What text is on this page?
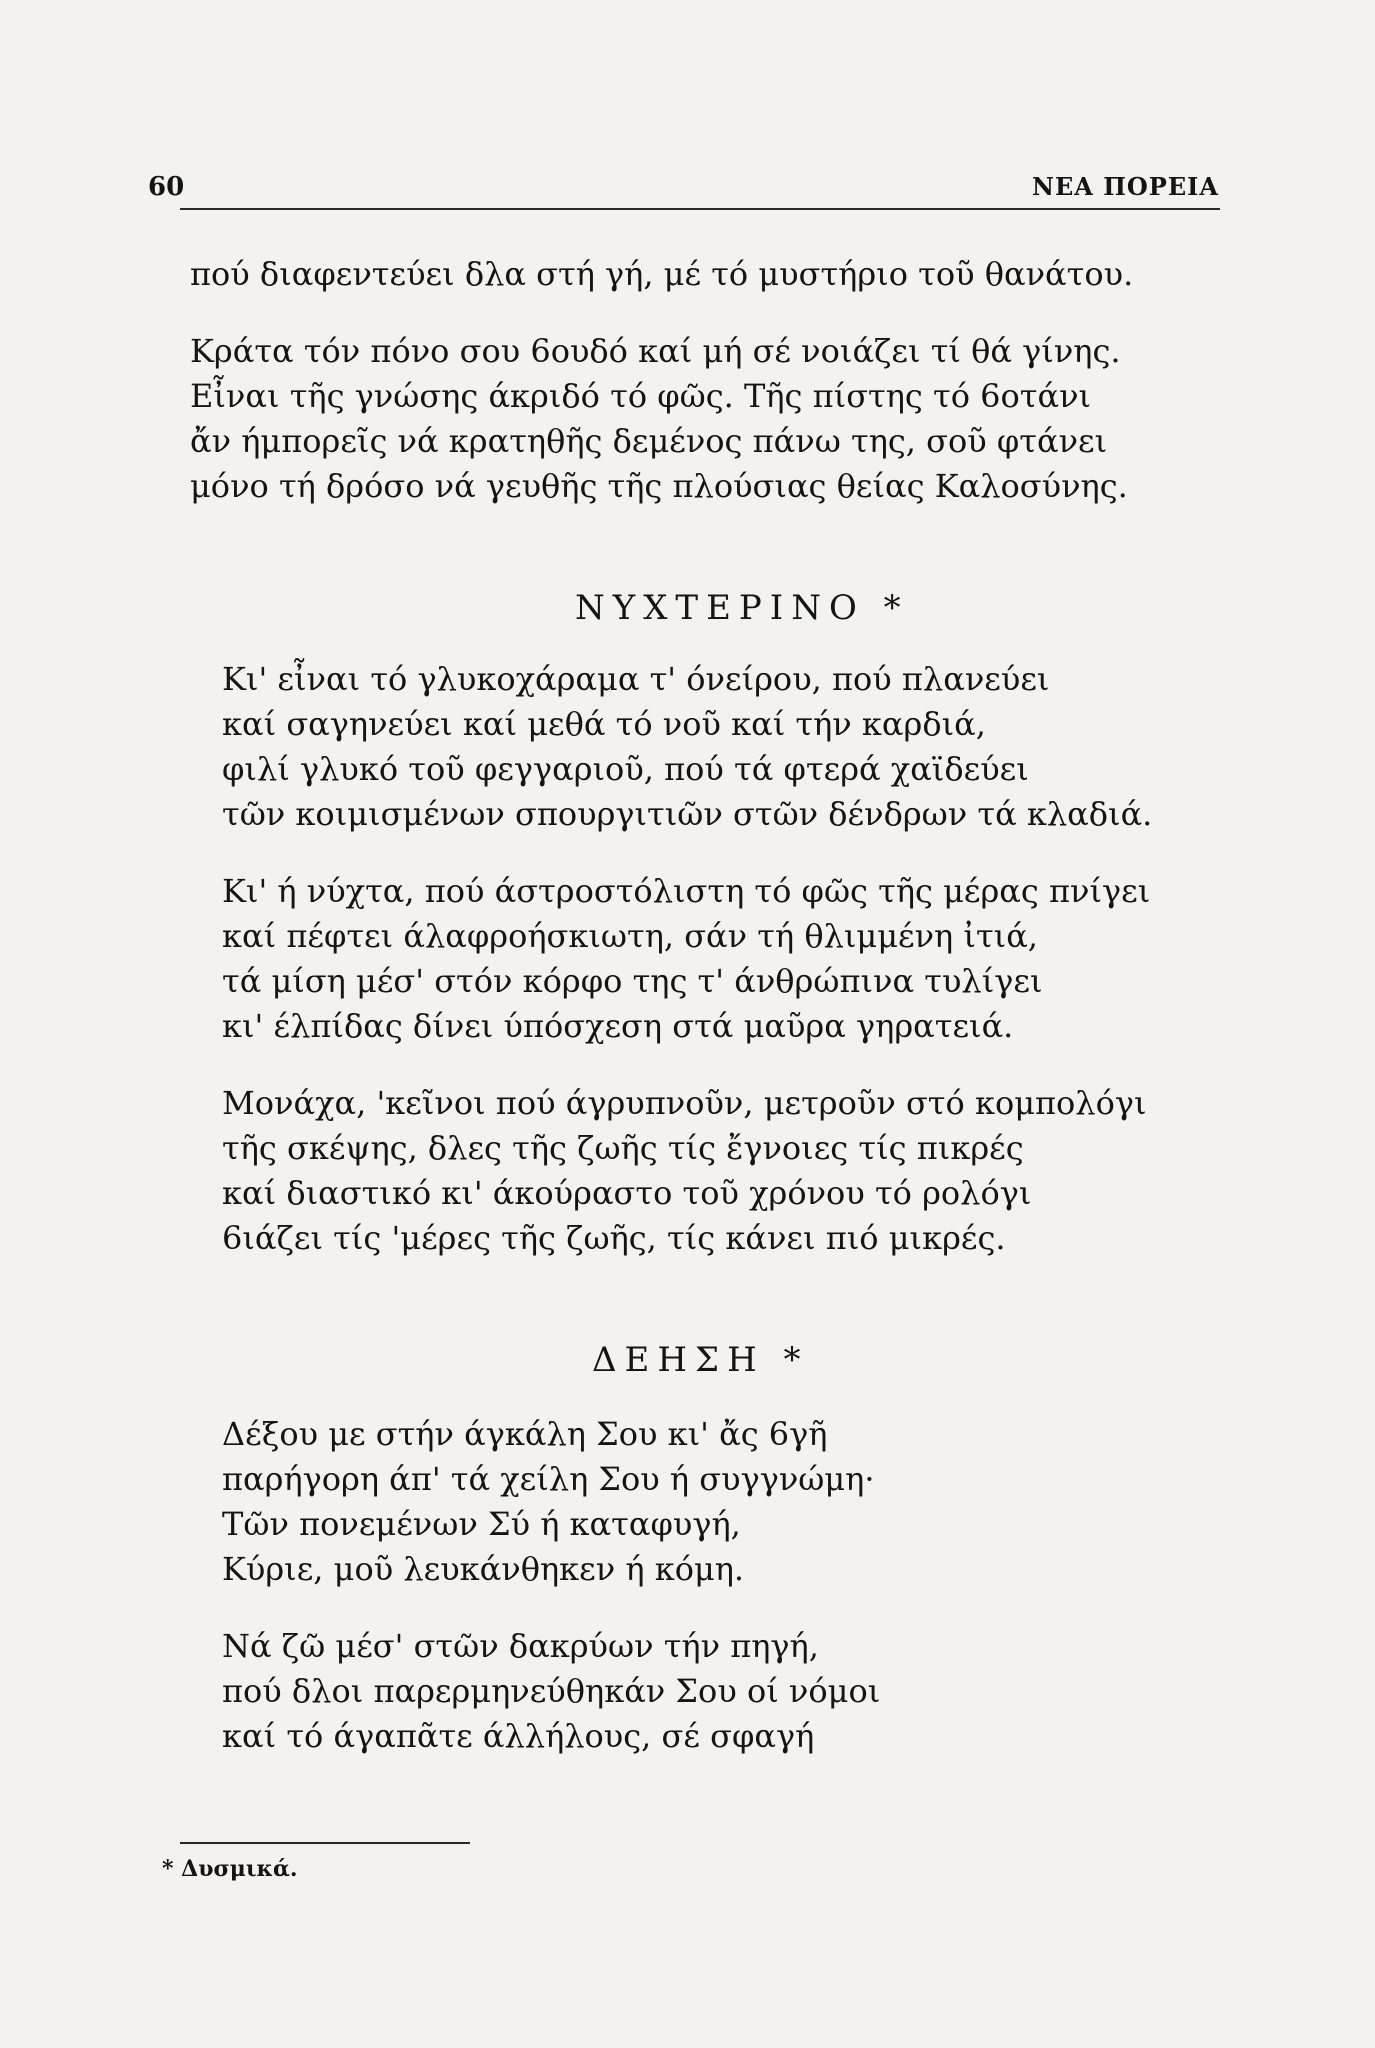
60	ΝΕΑ ΠΟΡΕΙΑ
πού διαφεντεύει δλα στή γή, μέ τό μυστήριο τοῦ θανάτου.
Κράτα τόν πόνο σου 6ουδό καί μή σέ νοιάζει τί θά γίνης.
Εἶναι τῆς γνώσης άκριδό τό φῶς. Τῆς πίστης τό 6οτάνι
ἄν ήμπορεῖς νά κρατηθῆς δεμένος πάνω της, σοῦ φτάνει
μόνο τή δρόσο νά γευθῆς τῆς πλούσιας θείας Καλοσύνης.
ΝΥΧΤΕΡΙΝΟ *
Κι' εἶναι τό γλυκοχάραμα τ' όνείρου, πού πλανεύει
καί σαγηνεύει καί μεθά τό νοῦ καί τήν καρδιά,
φιλί γλυκό τοῦ φεγγαριοῦ, πού τά φτερά χαϊδεύει
τῶν κοιμισμένων σπουργιτιῶν στῶν δένδρων τά κλαδιά.
Κι' ή νύχτα, πού άστροστόλιστη τό φῶς τῆς μέρας πνίγει
καί πέφτει άλαφροήσκιωτη, σάν τή θλιμμένη ἰτιά,
τά μίση μέσ' στόν κόρφο της τ' άνθρώπινα τυλίγει
κι' έλπίδας δίνει ύπόσχεση στά μαῦρα γηρατειά.
Μονάχα, 'κεῖνοι πού άγρυπνοῦν, μετροῦν στό κομπολόγι
τῆς σκέψης, δλες τῆς ζωῆς τίς ἔγνοιες τίς πικρές
καί διαστικό κι' άκούραστο τοῦ χρόνου τό ρολόγι
6ιάζει τίς 'μέρες τῆς ζωῆς, τίς κάνει πιό μικρές.
ΔΕΗΣΗ *
Δέξου με στήν άγκάλη Σου κι' ἄς 6γῆ
παρήγορη άπ' τά χείλη Σου ή συγγνώμη·
Τῶν πονεμένων Σύ ή καταφυγή,
Κύριε, μοῦ λευκάνθηκεν ή κόμη.
Νά ζῶ μέσ' στῶν δακρύων τήν πηγή,
πού δλοι παρερμηνεύθηκάν Σου οί νόμοι
καί τό άγαπᾶτε άλλήλους, σέ σφαγή
* Δυσμικά.
